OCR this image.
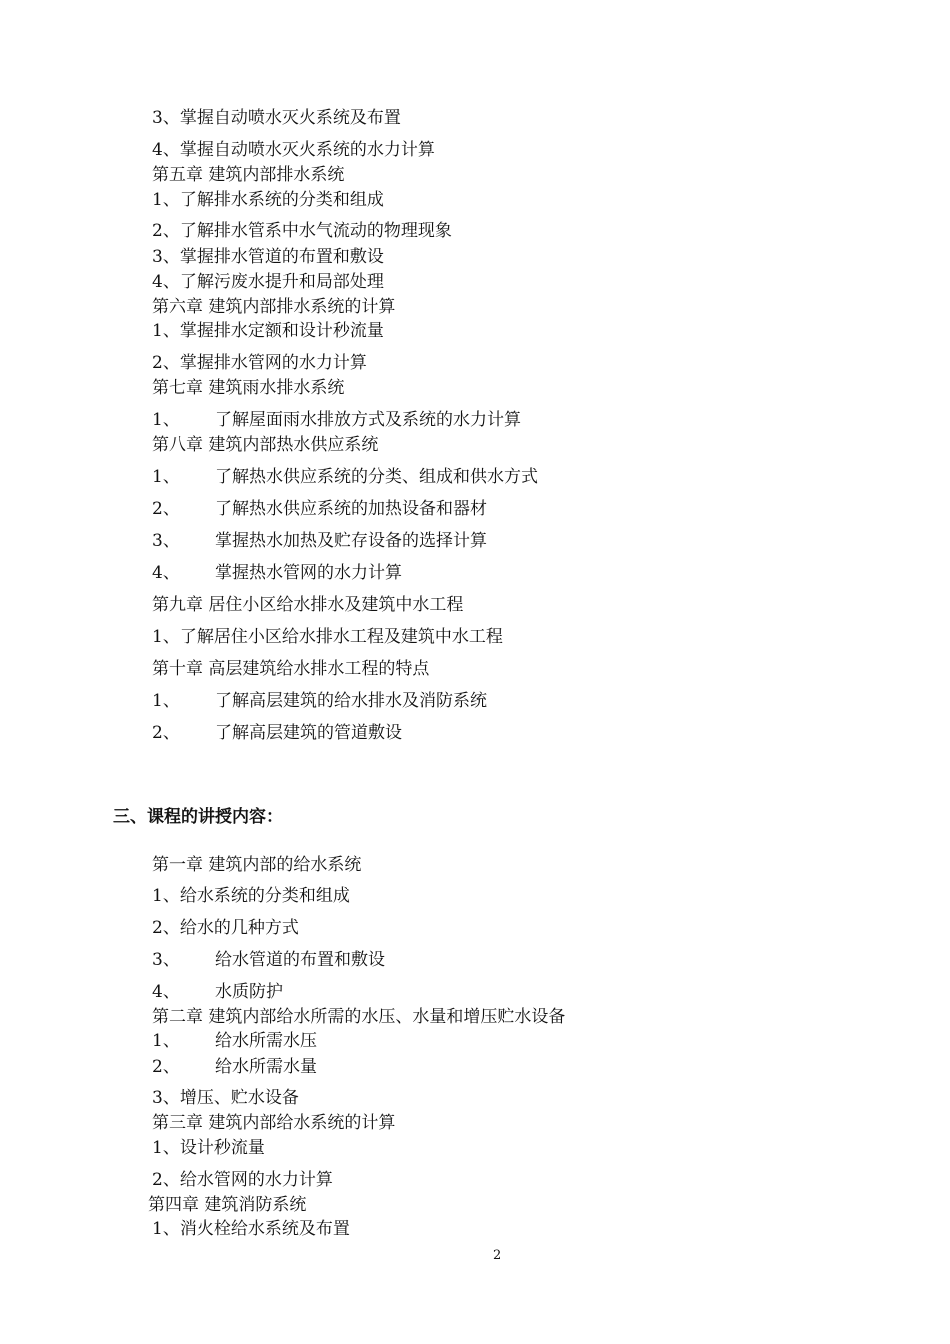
3、掌握自动喷水灭火系统及布置
4、掌握自动喷水灭火系统的水力计算
第五章 建筑内部排水系统
1、了解排水系统的分类和组成
2、了解排水管系中水气流动的物理现象
3、掌握排水管道的布置和敷设
4、了解污废水提升和局部处理
第六章 建筑内部排水系统的计算
1、掌握排水定额和设计秒流量
2、掌握排水管网的水力计算
第七章 建筑雨水排水系统
1、 了解屋面雨水排放方式及系统的水力计算
第八章 建筑内部热水供应系统
1、 了解热水供应系统的分类、组成和供水方式
2、 了解热水供应系统的加热设备和器材
3、 掌握热水加热及贮存设备的选择计算
4、 掌握热水管网的水力计算
第九章 居住小区给水排水及建筑中水工程
1、了解居住小区给水排水工程及建筑中水工程
第十章 高层建筑给水排水工程的特点
1、 了解高层建筑的给水排水及消防系统
2、 了解高层建筑的管道敷设
三、课程的讲授内容：
第一章 建筑内部的给水系统
1、给水系统的分类和组成
2、给水的几种方式
3、 给水管道的布置和敷设
4、 水质防护
第二章 建筑内部给水所需的水压、水量和增压贮水设备
1、 给水所需水压
2、 给水所需水量
3、增压、贮水设备
第三章 建筑内部给水系统的计算
1、设计秒流量
2、给水管网的水力计算
第四章 建筑消防系统
1、消火栓给水系统及布置
2
